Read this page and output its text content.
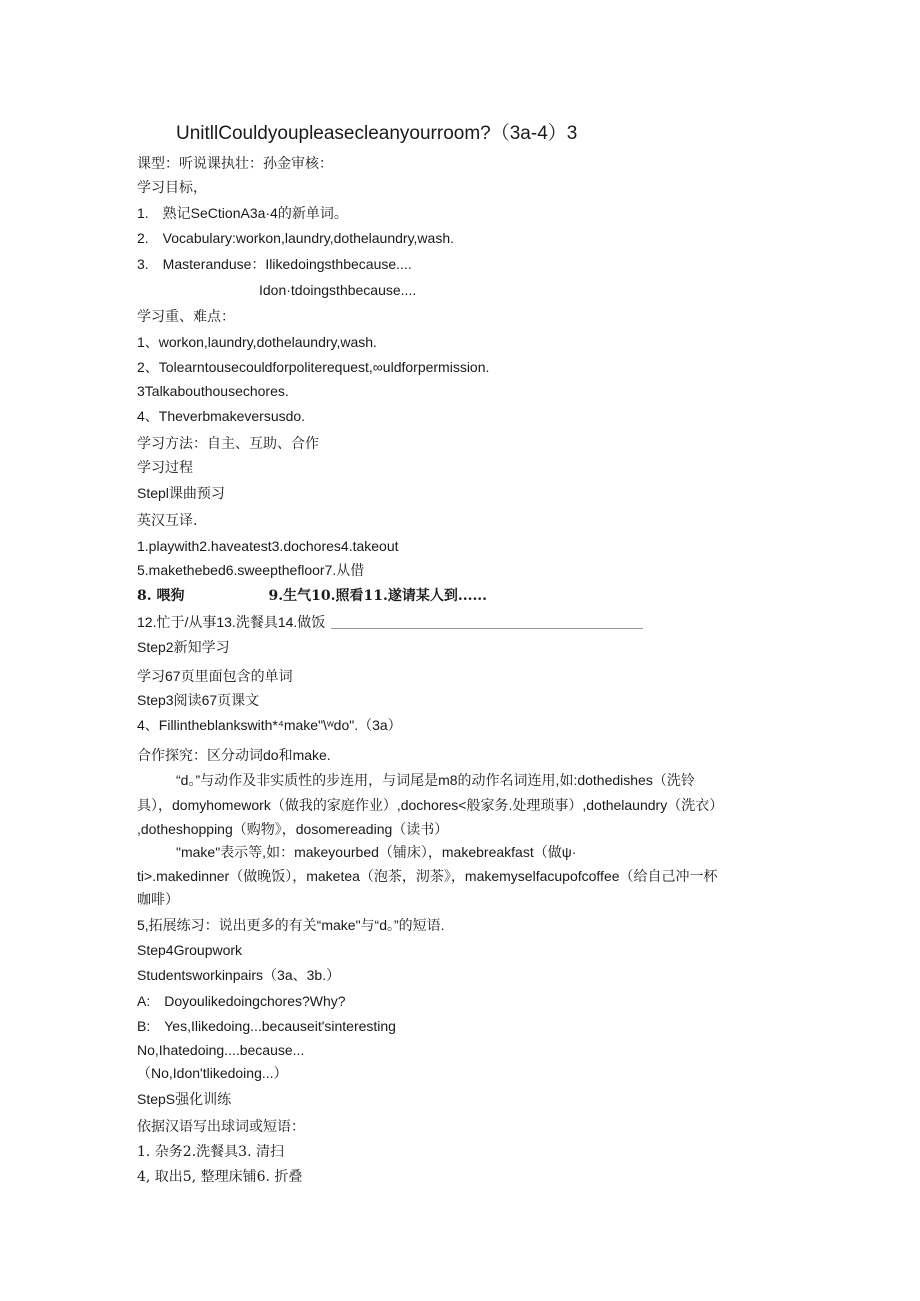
UnitllCouldyoupleasecleanyourroom?（3a-4）3
课型：听说课执壮：孙金审核：
学习目标，
1.　熟记SeCtionA3a·4的新单词。
2.　Vocabulary:workon,laundry,dothelaundry,wash.
3.　Masteranduse：Ilikedoingsthbecause....
Idon·tdoingsthbecause....
学习重、难点：
1、workon,laundry,dothelaundry,wash.
2、Tolearntousecouldforpoliterequest,∞uldforpermission.
3Talkabouthousechores.
4、Theverbmakeversusdo.
学习方法：自主、互助、合作
学习过程
Stepl课曲预习
英汉互译.
1.playwith2.haveatest3.dochores4.takeout
5.makethebed6.sweepthefloor7.从借
8. 喂狗　　　　　　9.生气10.照看11.遂请某人到......
12.忙于/从事13.洗餐具14.做饭
Step2新知学习
学习67页里面包含的单词
Step3阅读67页课文
4、Fillintheblankswith*⁴make"\ʷdo".（3a）
合作探究：区分动词do和make.
“d。”与动作及非实质性的步连用，与词尾是m8的动作名词连用,如:dothedishes（洗铃
具），domyhomework（做我的家庭作业）,dochores<般家务.处理琐事）,dothelaundry（洗衣）
,dotheshopping（购物》，dosomereading（读书）
"make"表示等,如：makeyourbed（铺床），makebreakfast（做ψ·
ti>.makedinner（做晚饭），maketea（泡茶，沏茶》，makemyselfacupofcoffee（给自己冲一杯
咖啡）
5,拓展练习：说出更多的有关“make"与“d。”的短语.
Step4Groupwork
Studentsworkinpairs（3a、3b.）
A:　Doyoulikedoingchores?Why?
B:　Yes,Ilikedoing...becauseit'sinteresting
No,Ihatedoing....because...
（No,Idon'tlikedoing...）
StepS强化训练
依据汉语写出球词或短语：
1. 杂务2.洗餐具3. 清扫
4, 取出5, 整理床铺6. 折叠
